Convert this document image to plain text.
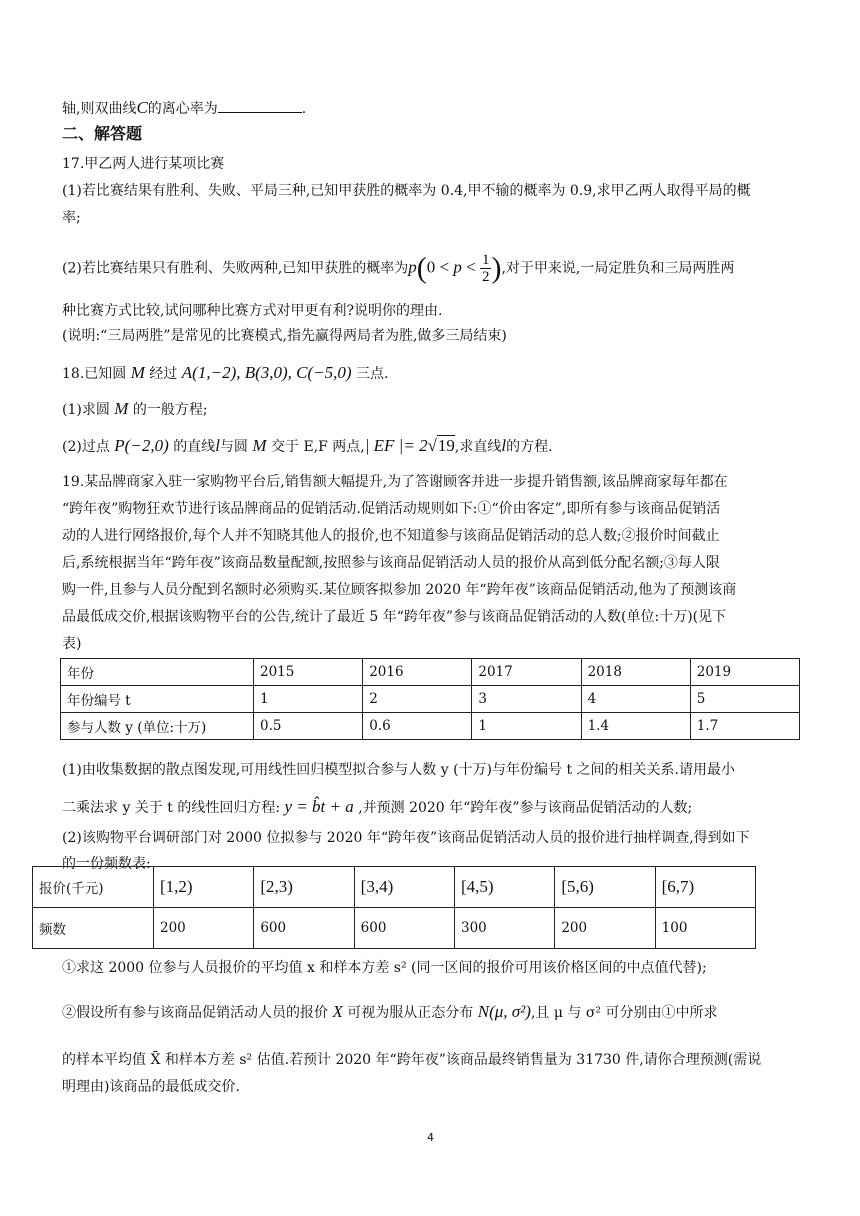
轴,则双曲线C的离心率为	.
二、解答题
17.甲乙两人进行某项比赛
(1)若比赛结果有胜利、失败、平局三种,已知甲获胜的概率为 0.4,甲不输的概率为 0.9,求甲乙两人取得平局的概
率;
(2)若比赛结果只有胜利、失败两种,已知甲获胜的概率为$p(0 < p < \frac{1}{2}$ ),对于甲来说,一局定胜负和三局两胜两
种比赛方式比较,试问哪种比赛方式对甲更有利?说明你的理由.
(说明:“三局两胜”是常见的比赛模式,指先赢得两局者为胜,做多三局结束)
18.已知圆 M 经过 A(1,−2), B(3,0), C(−5,0) 三点.
(1)求圆 M 的一般方程;
(2)过点 P(−2,0) 的直线l与圆 M 交于 E,F 两点,| EF |= 2√19,求直线l的方程.
19.某品牌商家入驻一家购物平台后,销售额大幅提升,为了答谢顾客并进一步提升销售额,该品牌商家每年都在
“跨年夜”购物狂欢节进行该品牌商品的促销活动.促销活动规则如下:①“价由客定”,即所有参与该商品促销活
动的人进行网络报价,每个人并不知晓其他人的报价,也不知道参与该商品促销活动的总人数;②报价时间截止
后,系统根据当年“跨年夜”该商品数量配额,按照参与该商品促销活动人员的报价从高到低分配名额;③每人限
购一件,且参与人员分配到名额时必须购买.某位顾客拟参加 2020 年“跨年夜”该商品促销活动,他为了预测该商
品最低成交价,根据该购物平台的公告,统计了最近 5 年“跨年夜”参与该商品促销活动的人数(单位:十万)(见下
表)
年份	2015	2016	2017	2018	2019
年份编号 t	1	2	3	4	5
参与人数 y (单位:十万)	0.5	0.6	1	1.4	1.7
(1)由收集数据的散点图发现,可用线性回归模型拟合参与人数 y (十万)与年份编号 t 之间的相关关系.请用最小
二乘法求 y 关于 t 的线性回归方程: y = b̂t + a ,并预测 2020 年“跨年夜”参与该商品促销活动的人数;
(2)该购物平台调研部门对 2000 位拟参与 2020 年“跨年夜”该商品促销活动人员的报价进行抽样调查,得到如下
的一份频数表:
报价(千元)	[1,2)	[2,3)	[3,4)	[4,5)	[5,6)	[6,7)
频数	200	600	600	300	200	100
①求这 2000 位参与人员报价的平均值 x 和样本方差 s² (同一区间的报价可用该价格区间的中点值代替);
②假设所有参与该商品促销活动人员的报价 X 可视为服从正态分布 N(μ, σ²),且 μ 与 σ² 可分别由①中所求
的样本平均值 X̄ 和样本方差 s² 估值.若预计 2020 年“跨年夜”该商品最终销售量为 31730 件,请你合理预测(需说
明理由)该商品的最低成交价.
4
